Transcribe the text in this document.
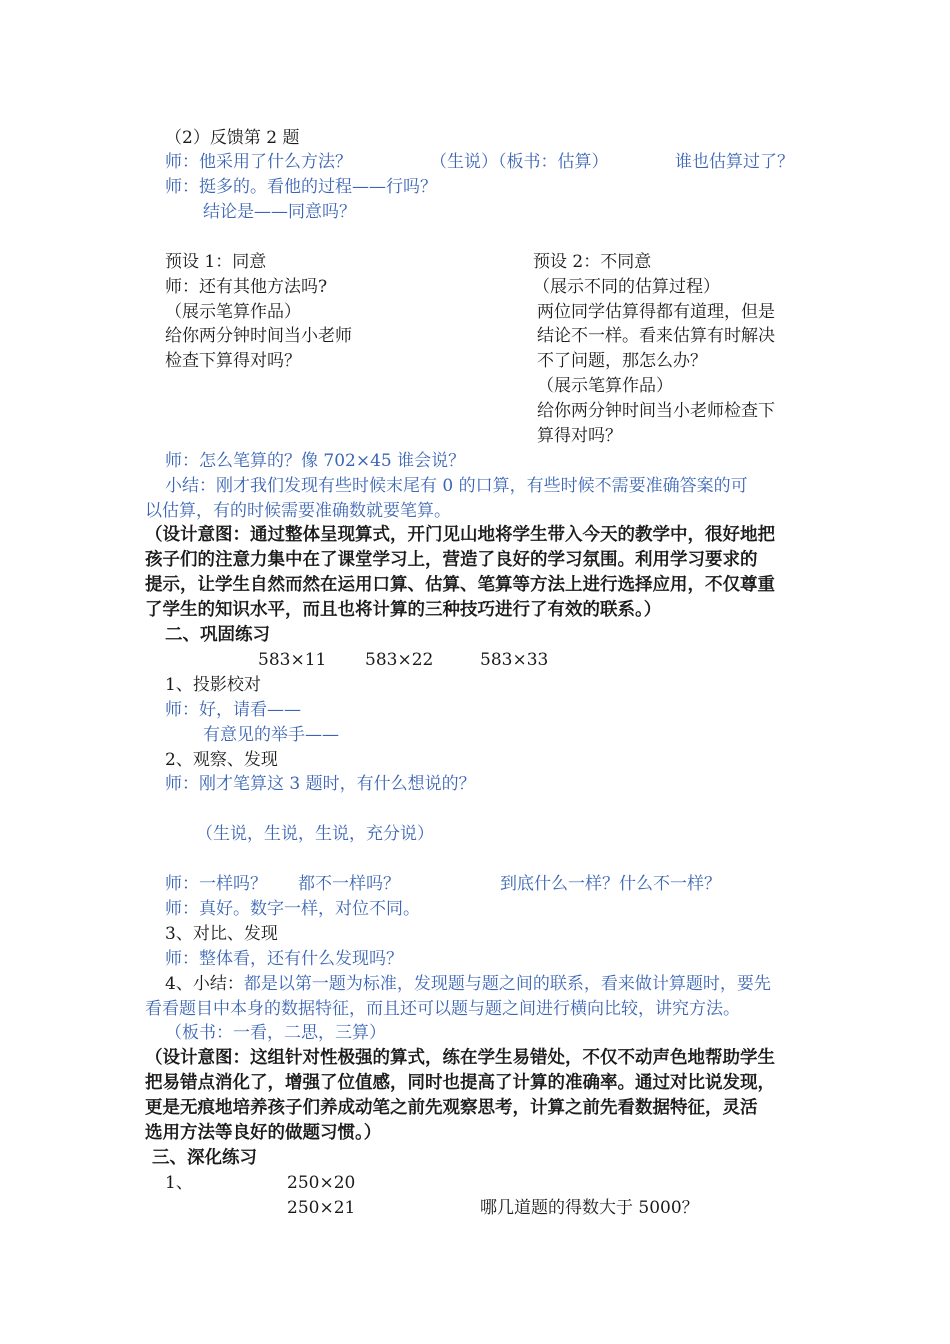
（2）反馈第 2 题
师：他采用了什么方法？	（生说）（板书：估算）	谁也估算过了？
师：挺多的。看他的过程——行吗？
结论是——同意吗？
预设 1：同意
师：还有其他方法吗?
（展示笔算作品）
给你两分钟时间当小老师
检查下算得对吗？
预设 2：不同意
（展示不同的估算过程）
两位同学估算得都有道理，但是
结论不一样。看来估算有时解决
不了问题，那怎么办？
（展示笔算作品）
给你两分钟时间当小老师检查下
算得对吗？
师：怎么笔算的？像 702×45 谁会说？
小结：刚才我们发现有些时候末尾有 0 的口算，有些时候不需要准确答案的可
以估算，有的时候需要准确数就要笔算。
（设计意图：通过整体呈现算式，开门见山地将学生带入今天的教学中，很好地把
孩子们的注意力集中在了课堂学习上，营造了良好的学习氛围。利用学习要求的
提示，让学生自然而然在运用口算、估算、笔算等方法上进行选择应用，不仅尊重
了学生的知识水平，而且也将计算的三种技巧进行了有效的联系。）
二、巩固练习
583×11 583×22	583×33
1、投影校对
师：好，请看——
有意见的举手——
2、观察、发现
师：刚才笔算这 3 题时，有什么想说的？
（生说，生说，生说，充分说）
师：一样吗？ 都不一样吗？	到底什么一样？什么不一样？
师：真好。数字一样，对位不同。
3、对比、发现
师：整体看，还有什么发现吗？
4、小结：都是以第一题为标准，发现题与题之间的联系，看来做计算题时，要先
看看题目中本身的数据特征，而且还可以题与题之间进行横向比较，讲究方法。
（板书：一看，二思，三算）
（设计意图：这组针对性极强的算式，练在学生易错处，不仅不动声色地帮助学生
把易错点消化了，增强了位值感，同时也提高了计算的准确率。通过对比说发现，
更是无痕地培养孩子们养成动笔之前先观察思考，计算之前先看数据特征，灵活
选用方法等良好的做题习惯。）
三、深化练习
1、	250×20
250×21	哪几道题的得数大于 5000？
